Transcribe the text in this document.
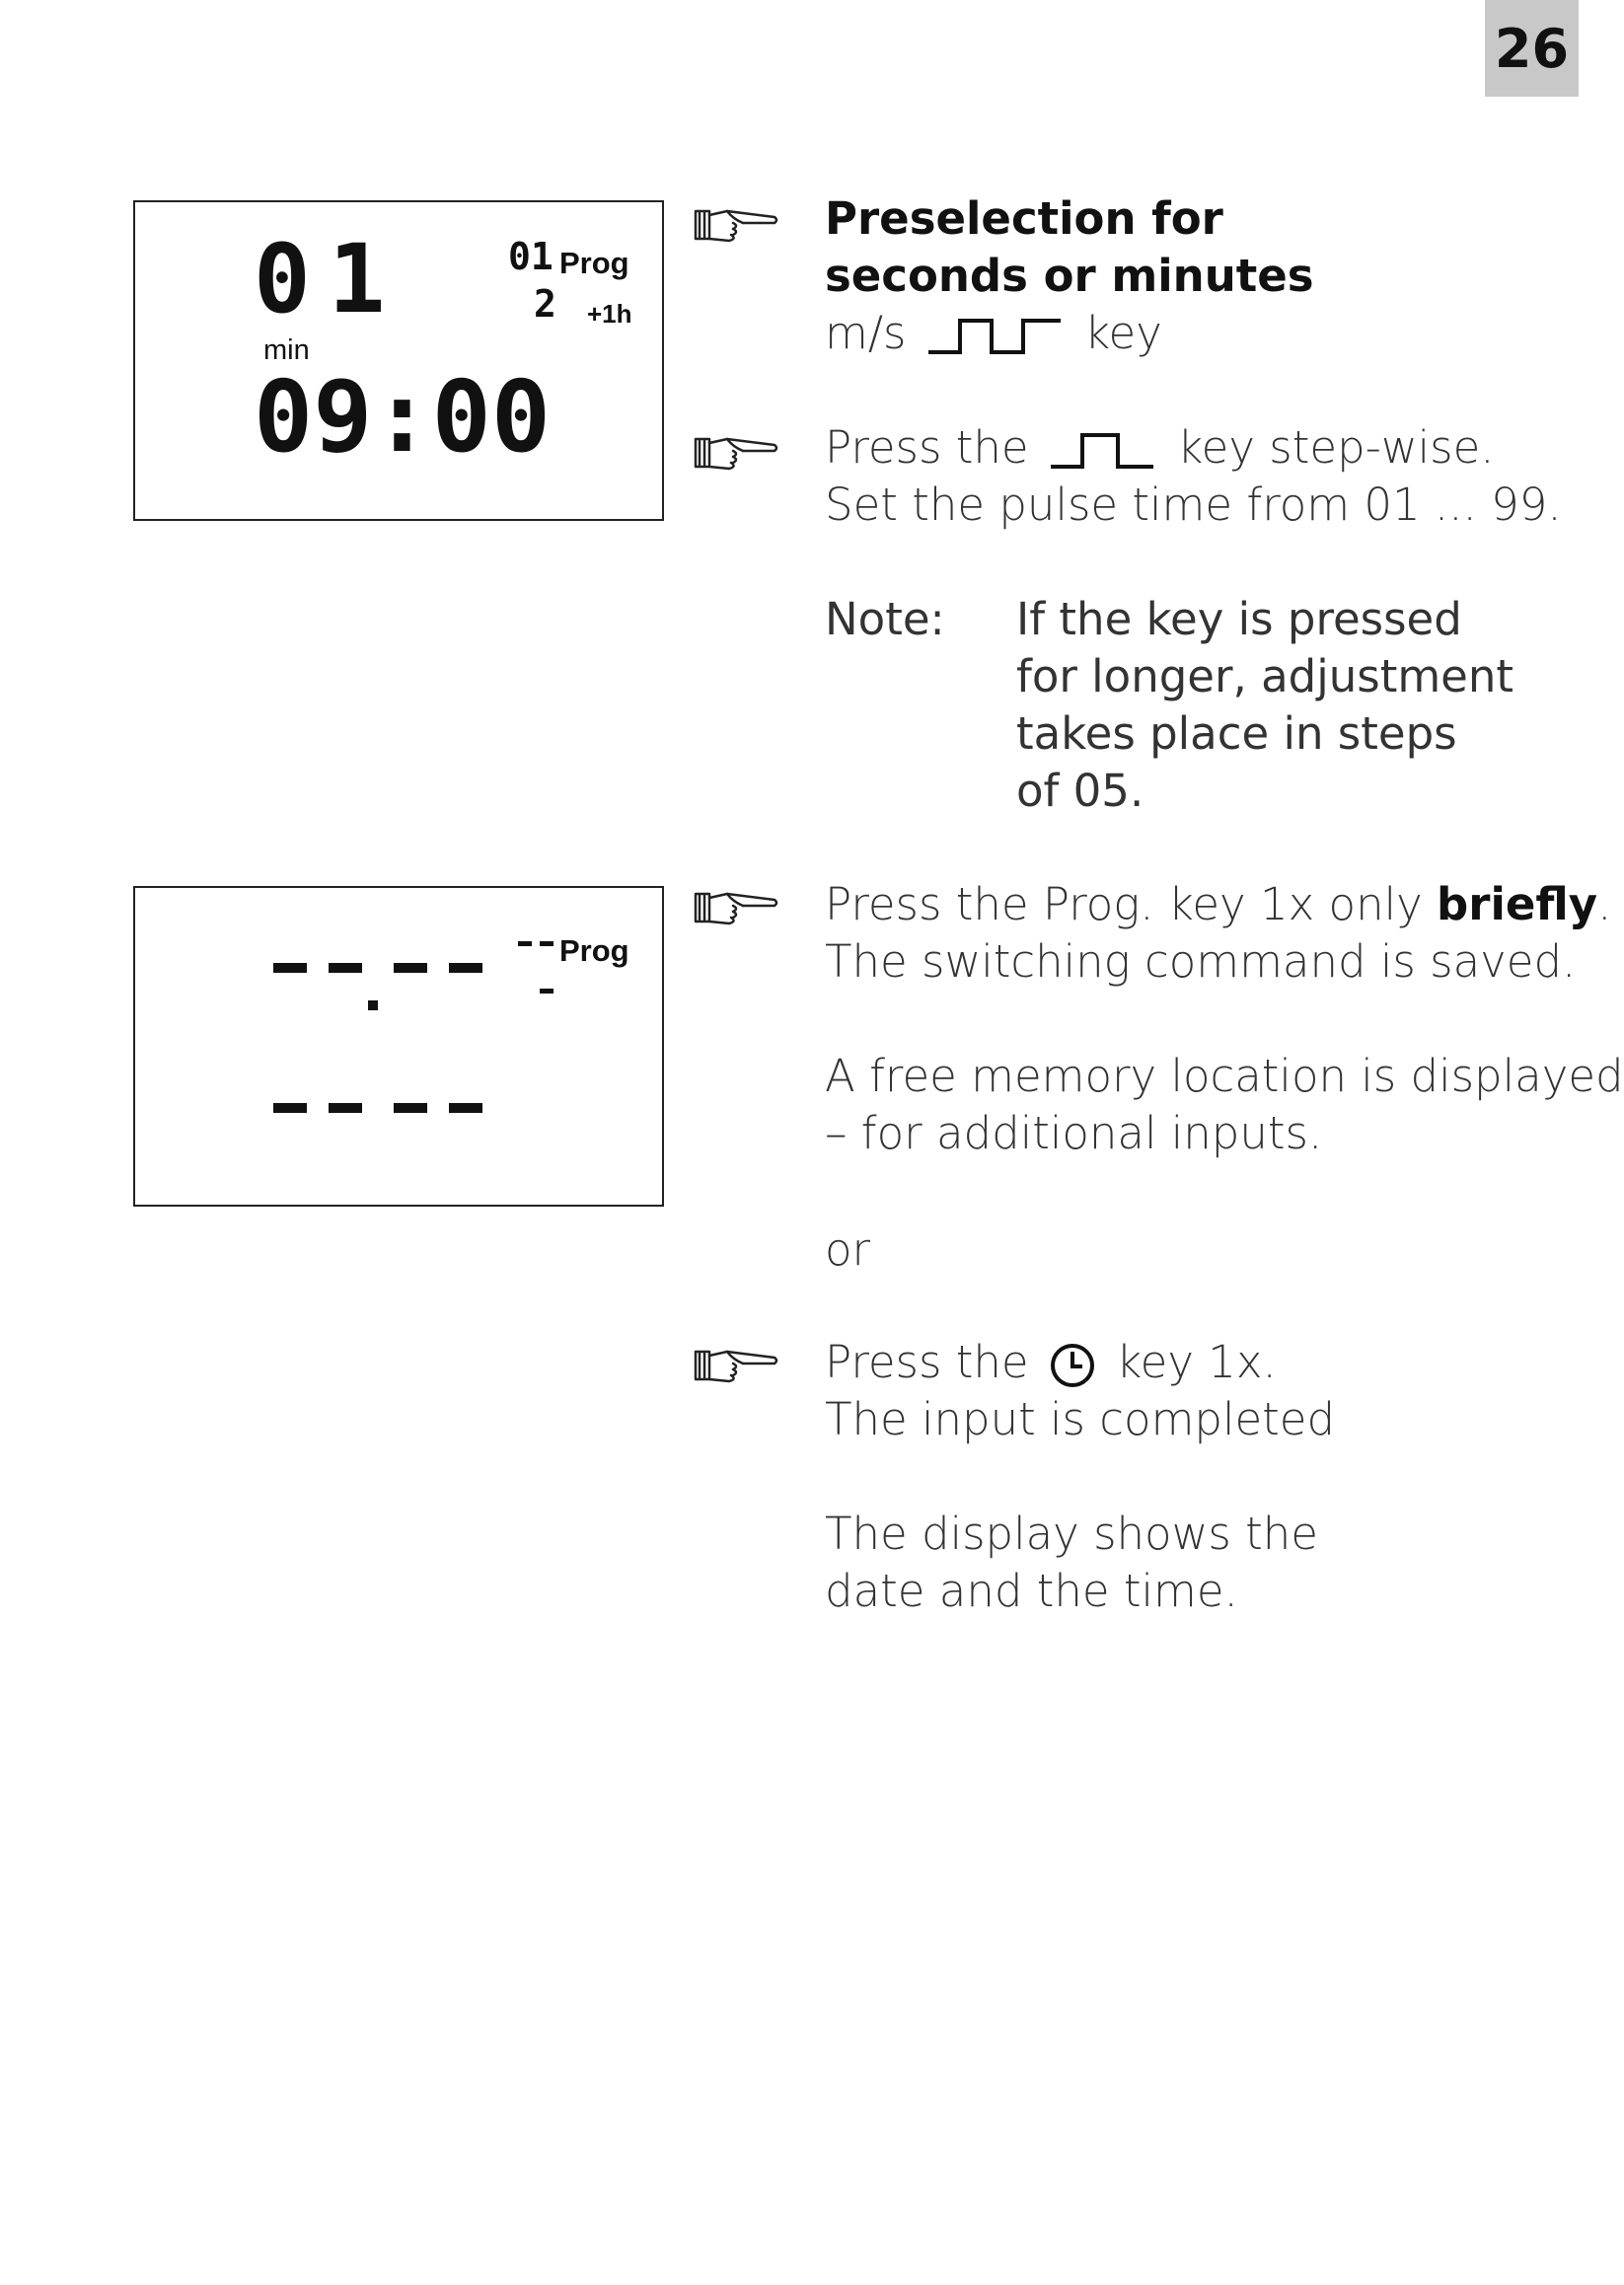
26
01	01 Prog
2 +1h
min
09:00
Prog
Preselection for
seconds or minutes
m/s	key
Press the	key step-wise.
Set the pulse time from 01 ... 99.
Note: If the key is pressed
for longer, adjustment
takes place in steps
of 05.
Press the Prog. key 1x only briefly.
The switching command is saved.
A free memory location is displayed
– for additional inputs.
or
Press the key 1x.
The input is completed
The display shows the
date and the time.
